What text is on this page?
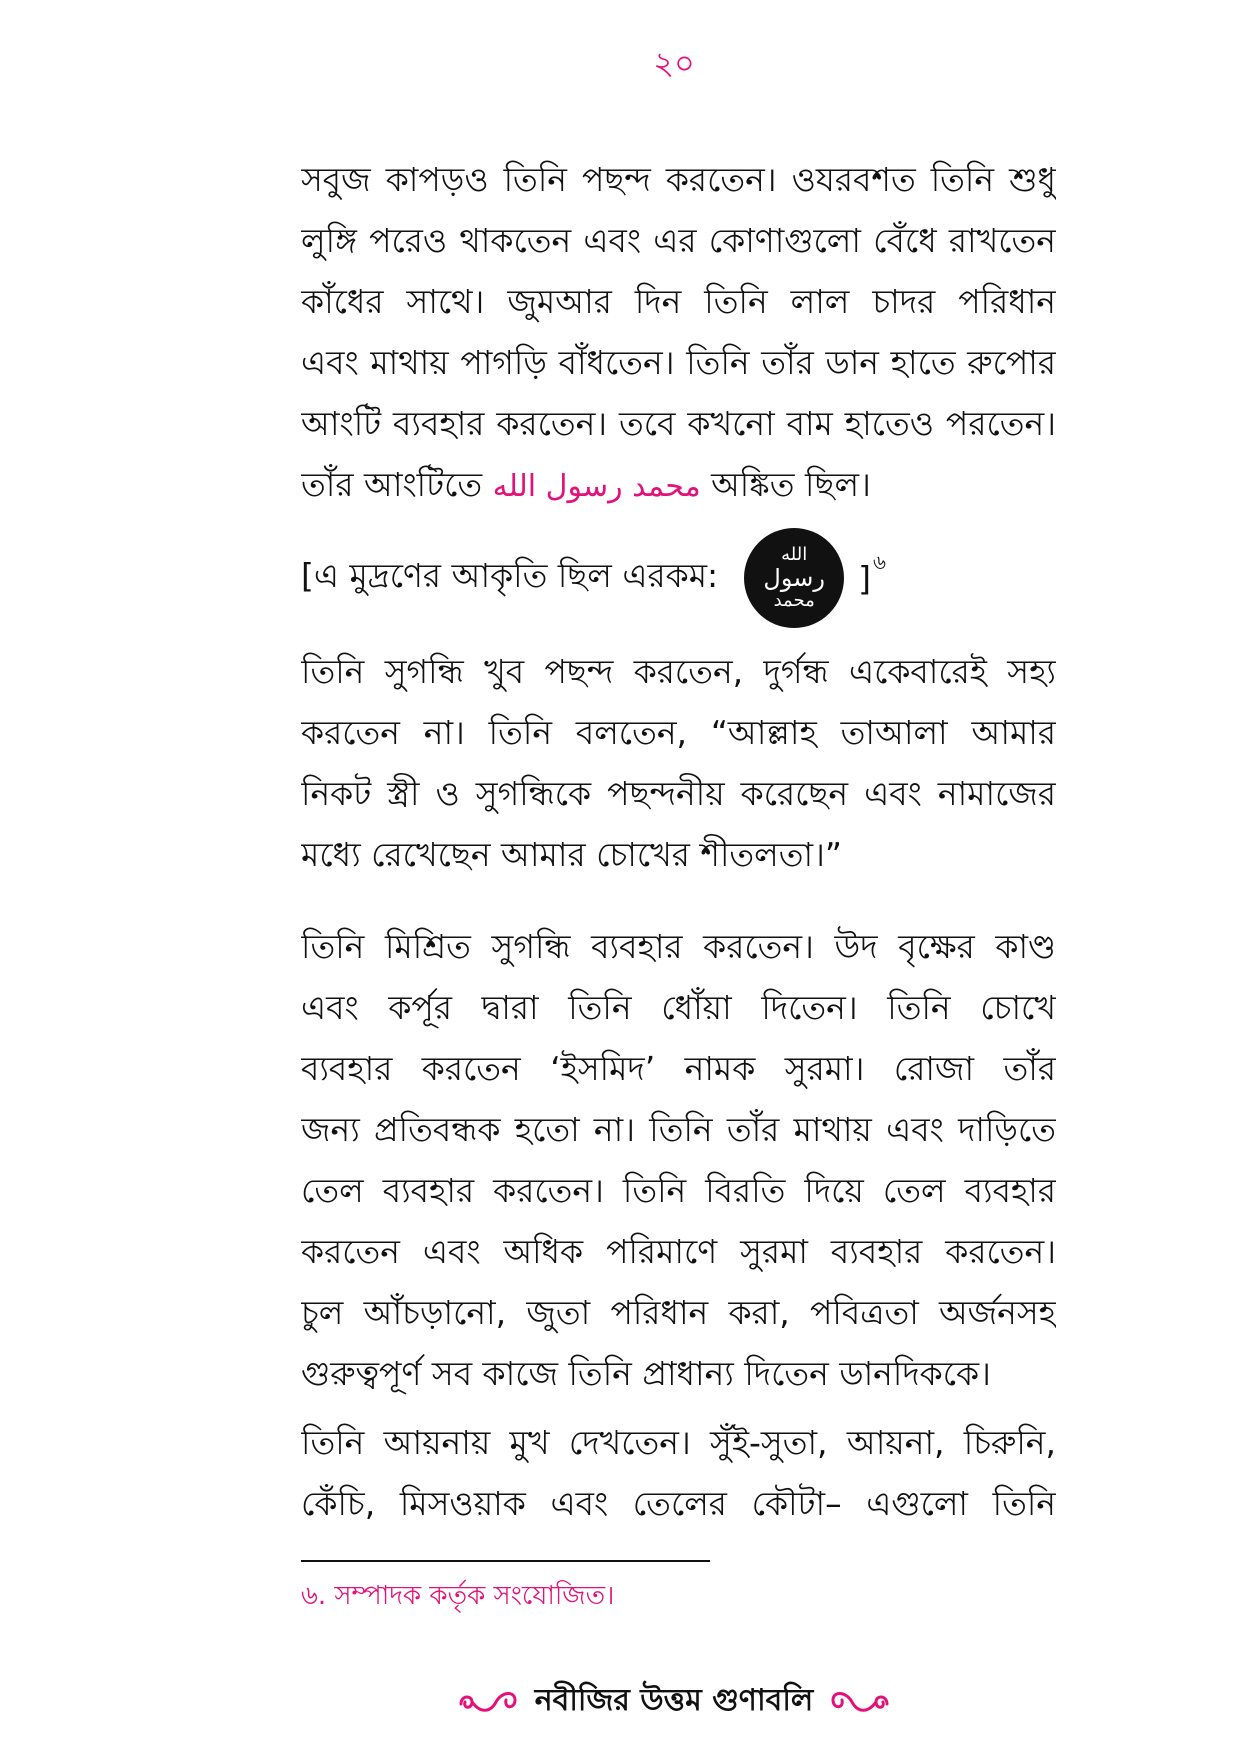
২০
সবুজ কাপড়ও তিনি পছন্দ করতেন। ওযরবশত তিনি শুধু
লুঙ্গি পরেও থাকতেন এবং এর কোণাগুলো বেঁধে রাখতেন
কাঁধের সাথে। জুমআর দিন তিনি লাল চাদর পরিধান
এবং মাথায় পাগড়ি বাঁধতেন। তিনি তাঁর ডান হাতে রুপোর
আংটি ব্যবহার করতেন। তবে কখনো বাম হাতেও পরতেন।
তাঁর আংটিতে محمد رسول الله অঙ্কিত ছিল।
[এ মুদ্রণের আকৃতি ছিল এরকম:
الله
رسول
محمد
] ৬
তিনি সুগন্ধি খুব পছন্দ করতেন, দুর্গন্ধ একেবারেই সহ্য
করতেন না। তিনি বলতেন, “আল্লাহ তাআলা আমার
নিকট স্ত্রী ও সুগন্ধিকে পছন্দনীয় করেছেন এবং নামাজের
মধ্যে রেখেছেন আমার চোখের শীতলতা।”
তিনি মিশ্রিত সুগন্ধি ব্যবহার করতেন। উদ বৃক্ষের কাণ্ড
এবং কর্পূর দ্বারা তিনি ধোঁয়া দিতেন। তিনি চোখে
ব্যবহার করতেন ‘ইসমিদ’ নামক সুরমা। রোজা তাঁর
জন্য প্রতিবন্ধক হতো না। তিনি তাঁর মাথায় এবং দাড়িতে
তেল ব্যবহার করতেন। তিনি বিরতি দিয়ে তেল ব্যবহার
করতেন এবং অধিক পরিমাণে সুরমা ব্যবহার করতেন।
চুল আঁচড়ানো, জুতা পরিধান করা, পবিত্রতা অর্জনসহ
গুরুত্বপূর্ণ সব কাজে তিনি প্রাধান্য দিতেন ডানদিককে।
তিনি আয়নায় মুখ দেখতেন। সুঁই-সুতা, আয়না, চিরুনি,
কেঁচি, মিসওয়াক এবং তেলের কৌটা– এগুলো তিনি
৬. সম্পাদক কর্তৃক সংযোজিত।
নবীজির উত্তম গুণাবলি
